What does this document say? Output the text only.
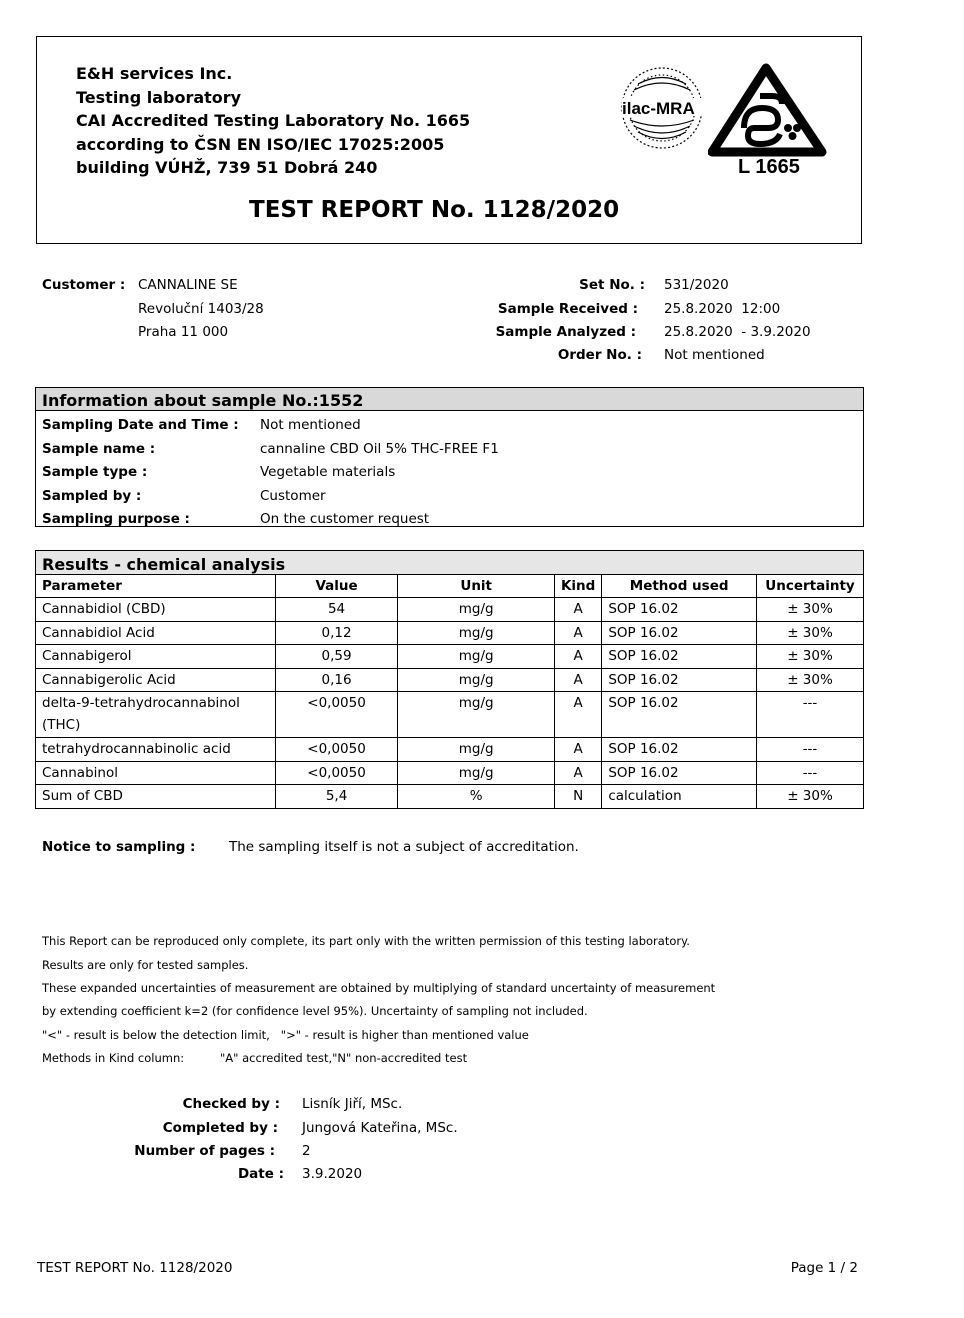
E&H services Inc.
Testing laboratory
CAI Accredited Testing Laboratory No. 1665
according to ČSN EN ISO/IEC 17025:2005
building VÚHŽ, 739 51 Dobrá 240
ilac-MRA
L 1665
TEST REPORT No. 1128/2020
Customer : CANNALINE SE
Revoluční 1403/28
Praha 11 000
Set No. : 531/2020
Sample Received : 25.8.2020  12:00
Sample Analyzed : 25.8.2020  - 3.9.2020
Order No. : Not mentioned
Information about sample No.:1552
Sampling Date and Time : Not mentioned
Sample name :	cannaline CBD Oil 5% THC-FREE F1
Sample type :	Vegetable materials
Sampled by :	Customer
Sampling purpose :	On the customer request
Results - chemical analysis
Parameter	Value	Unit	Kind	Method used	Uncertainty
Cannabidiol (CBD)	54	mg/g	A	SOP 16.02	± 30%
Cannabidiol Acid	0,12	mg/g	A	SOP 16.02	± 30%
Cannabigerol	0,59	mg/g	A	SOP 16.02	± 30%
Cannabigerolic Acid	0,16	mg/g	A	SOP 16.02	± 30%
delta-9-tetrahydrocannabinol (THC)	<0,0050	mg/g	A	SOP 16.02	---
tetrahydrocannabinolic acid	<0,0050	mg/g	A	SOP 16.02	---
Cannabinol	<0,0050	mg/g	A	SOP 16.02	---
Sum of CBD	5,4	%	N	calculation	± 30%
Notice to sampling : The sampling itself is not a subject of accreditation.
This Report can be reproduced only complete, its part only with the written permission of this testing laboratory.
Results are only for tested samples.
These expanded uncertainties of measurement are obtained by multiplying of standard uncertainty of measurement
by extending coefficient k=2 (for confidence level 95%). Uncertainty of sampling not included.
"<" - result is below the detection limit,   ">" - result is higher than mentioned value
Methods in Kind column:	"A" accredited test,"N" non-accredited test
Checked by : Lisník Jiří, MSc.
Completed by : Jungová Kateřina, MSc.
Number of pages : 2
Date : 3.9.2020
TEST REPORT No. 1128/2020	Page 1 / 2
